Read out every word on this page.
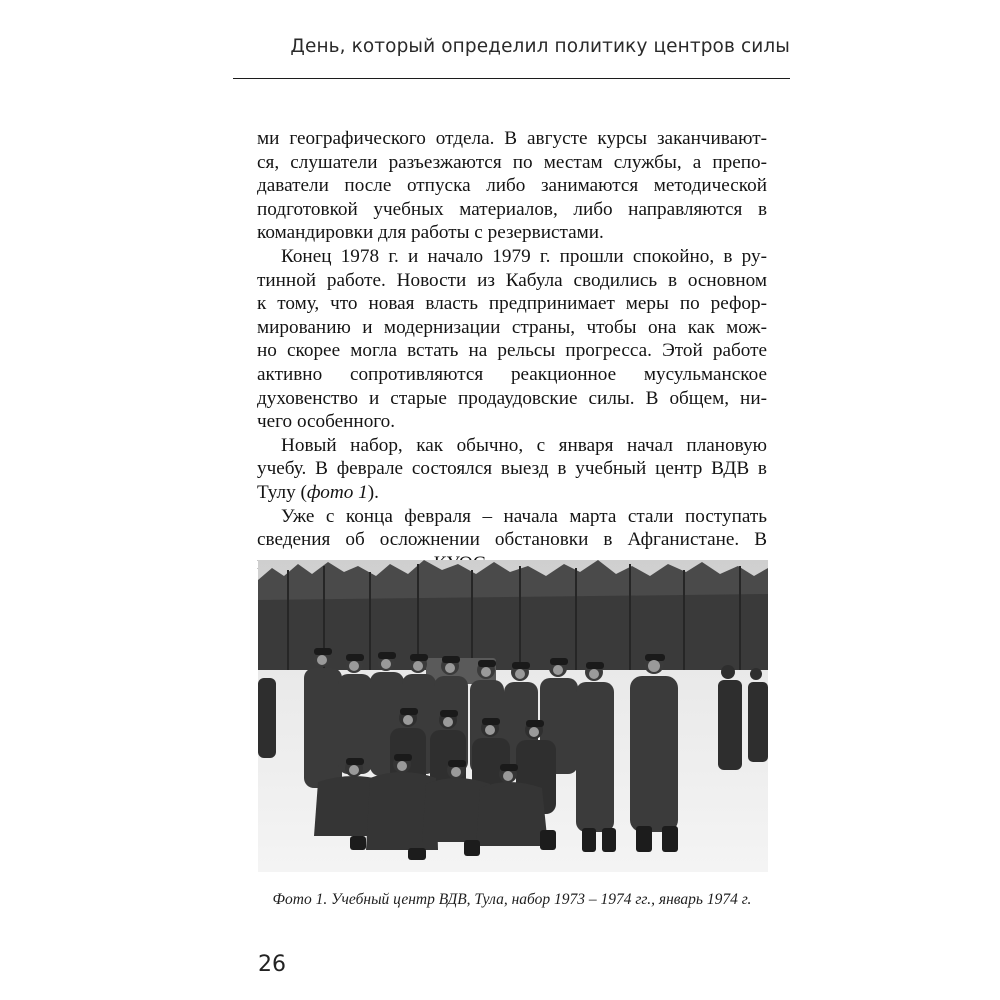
День, который определил политику центров силы
ми географического отдела. В августе курсы заканчивают-
ся, слушатели разъезжаются по местам службы, а препо-
даватели после отпуска либо занимаются методической
подготовкой учебных материалов, либо направляются в
командировки для работы с резервистами.
Конец 1978 г. и начало 1979 г. прошли спокойно, в ру-
тинной работе. Новости из Кабула сводились в основном
к тому, что новая власть предпринимает меры по рефор-
мированию и модернизации страны, чтобы она как мож-
но скорее могла встать на рельсы прогресса. Этой работе
активно сопротивляются реакционное мусульманское
духовенство и старые продаудовские силы. В общем, ни-
чего особенного.
Новый набор, как обычно, с января начал плановую
учебу. В феврале состоялся выезд в учебный центр ВДВ в
Тулу (фото 1).
Уже с конца февраля – начала марта стали поступать
сведения об осложнении обстановки в Афганистане. В
Фото 1. Учебный центр ВДВ, Тула, набор 1973 – 1974 гг., январь 1974 г.
26
